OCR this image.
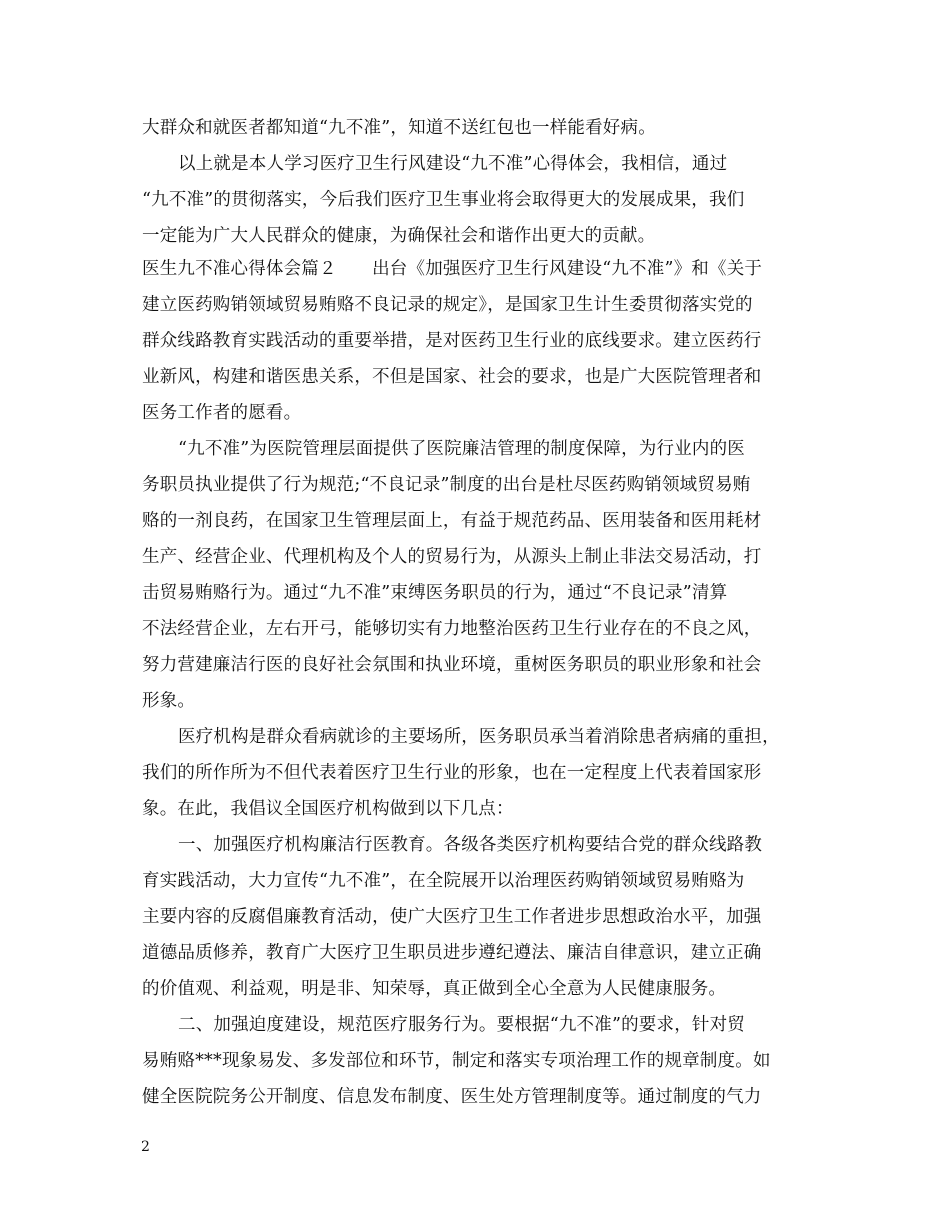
大群众和就医者都知道“九不准”，知道不送红包也一样能看好病。
以上就是本人学习医疗卫生行风建设“九不准”心得体会，我相信，通过
“九不准”的贯彻落实，今后我们医疗卫生事业将会取得更大的发展成果，我们
一定能为广大人民群众的健康，为确保社会和谐作出更大的贡献。
医生九不准心得体会篇２　　出台《加强医疗卫生行风建设“九不准”》和《关于
建立医药购销领域贸易贿赂不良记录的规定》，是国家卫生计生委贯彻落实党的
群众线路教育实践活动的重要举措，是对医药卫生行业的底线要求。建立医药行
业新风，构建和谐医患关系，不但是国家、社会的要求，也是广大医院管理者和
医务工作者的愿看。
“九不准”为医院管理层面提供了医院廉洁管理的制度保障，为行业内的医
务职员执业提供了行为规范;“不良记录”制度的出台是杜尽医药购销领域贸易贿
赂的一剂良药，在国家卫生管理层面上，有益于规范药品、医用装备和医用耗材
生产、经营企业、代理机构及个人的贸易行为，从源头上制止非法交易活动，打
击贸易贿赂行为。通过“九不准”束缚医务职员的行为，通过“不良记录”清算
不法经营企业，左右开弓，能够切实有力地整治医药卫生行业存在的不良之风，
努力营建廉洁行医的良好社会氛围和执业环境，重树医务职员的职业形象和社会
形象。
医疗机构是群众看病就诊的主要场所，医务职员承当着消除患者病痛的重担，
我们的所作所为不但代表着医疗卫生行业的形象，也在一定程度上代表着国家形
象。在此，我倡议全国医疗机构做到以下几点：
一、加强医疗机构廉洁行医教育。各级各类医疗机构要结合党的群众线路教
育实践活动，大力宣传“九不准”，在全院展开以治理医药购销领域贸易贿赂为
主要内容的反腐倡廉教育活动，使广大医疗卫生工作者进步思想政治水平，加强
道德品质修养，教育广大医疗卫生职员进步遵纪遵法、廉洁自律意识，建立正确
的价值观、利益观，明是非、知荣辱，真正做到全心全意为人民健康服务。
二、加强迫度建设，规范医疗服务行为。要根据“九不准”的要求，针对贸
易贿赂***现象易发、多发部位和环节，制定和落实专项治理工作的规章制度。如
健全医院院务公开制度、信息发布制度、医生处方管理制度等。通过制度的气力
2
